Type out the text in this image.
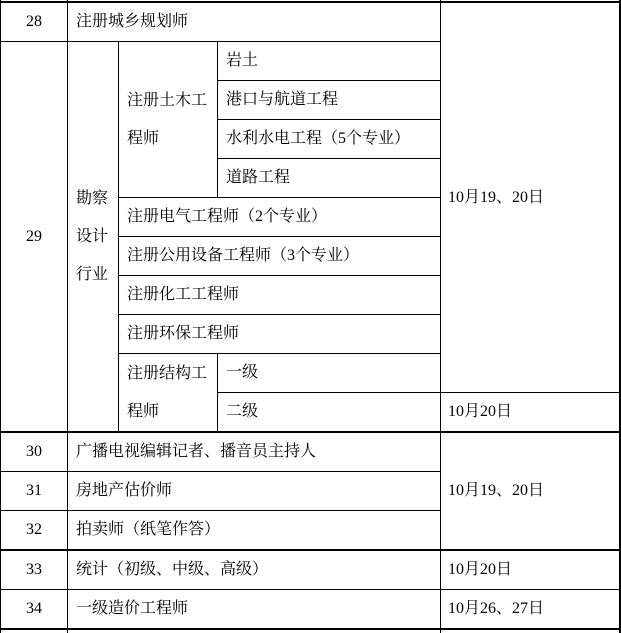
28	注册城乡规划师			10月19、20日
29	勘察设计行业	注册土木工程师	岩土	
			港口与航道工程	
			水利水电工程（5个专业）	
			道路工程	
		注册电气工程师（2个专业）		
		注册公用设备工程师（3个专业）		
		注册化工工程师		
		注册环保工程师		
		注册结构工程师	一级	
			二级	10月20日
30	广播电视编辑记者、播音员主持人			10月19、20日
31	房地产估价师			
32	拍卖师（纸笔作答）			
33	统计（初级、中级、高级）			10月20日
34	一级造价工程师			10月26、27日
